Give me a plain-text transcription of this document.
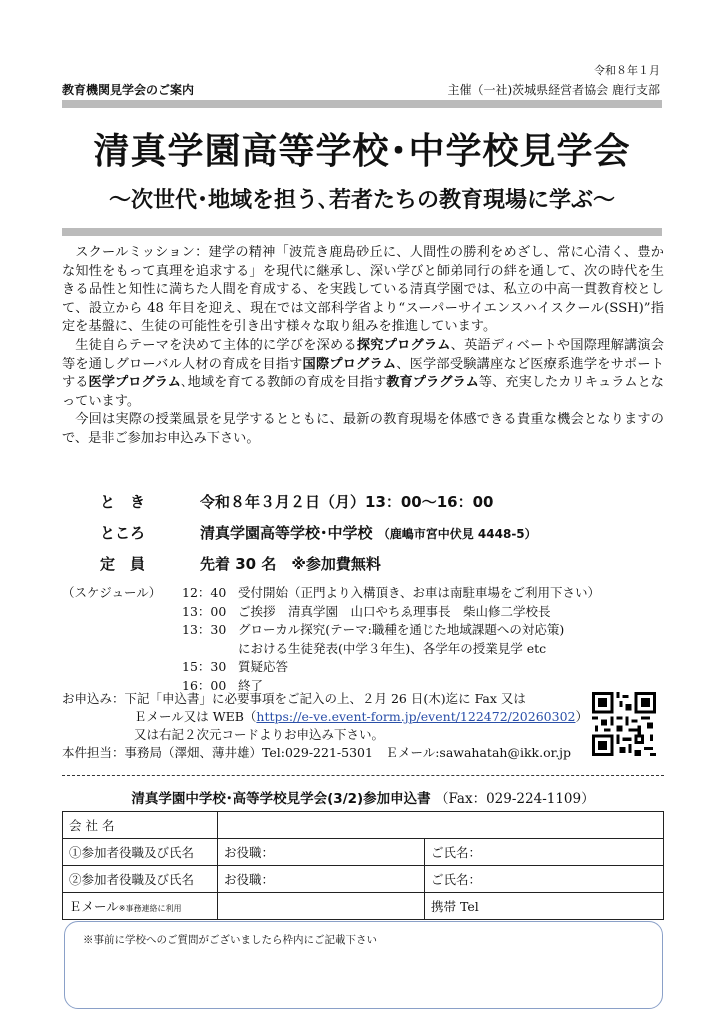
令和８年１月
教育機関見学会のご案内	主催（一社)茨城県経営者協会 鹿行支部
清真学園高等学校･中学校見学会
～次世代･地域を担う､若者たちの教育現場に学ぶ～

スクールミッション：建学の精神「波荒き鹿島砂丘に、人間性の勝利をめざし、常に心清く、豊かな知性をもって真理を追求する」を現代に継承し、深い学びと師弟同行の絆を通して、次の時代を生きる品性と知性に満ちた人間を育成する、を実践している清真学園では、私立の中高一貫教育校として、設立から 48 年目を迎え、現在では文部科学省より“スーパーサイエンスハイスクール(SSH)”指定を基盤に、生徒の可能性を引き出す様々な取り組みを推進しています。

生徒自らテーマを決めて主体的に学びを深める探究プログラム、英語ディベートや国際理解講演会等を通しグローバル人材の育成を目指す国際プログラム、医学部受験講座など医療系進学をサポートする医学プログラム､地域を育てる教師の育成を目指す教育プラグラム等、充実したカリキュラムとなっています。

今回は実際の授業風景を見学するとともに、最新の教育現場を体感できる貴重な機会となりますので、是非ご参加お申込み下さい。

と　き	令和８年３月２日（月）13：00～16：00
ところ	清真学園高等学校･中学校 （鹿嶋市宮中伏見 4448-5）
定　員	先着 30 名　※参加費無料
（スケジュール） 12：40 受付開始（正門より入構頂き、お車は南駐車場をご利用下さい）
13：00 ご挨拶　清真学園　山口やちゑ理事長　柴山修二学校長
13：30 グローカル探究(テーマ:職種を通じた地域課題への対応策)
における生徒発表(中学３年生)、各学年の授業見学 etc
15：30 質疑応答
16：00 終了
お申込み：下記「申込書」に必要事項をご記入の上、２月 26 日(木)迄に Fax 又は
Ｅメール又は WEB（https://e-ve.event-form.jp/event/122472/20260302）
又は右記２次元コードよりお申込み下さい。
本件担当：事務局（澤畑、薄井雄）Tel:029-221-5301　Ｅメール:sawahatah@ikk.or.jp
清真学園中学校･高等学校見学会(3/2)参加申込書 （Fax：029-224-1109）
会 社 名		
①参加者役職及び氏名	お役職：	ご氏名：
②参加者役職及び氏名	お役職：	ご氏名：
Ｅメール※事務連絡に利用		携帯 Tel
※事前に学校へのご質問がございましたら枠内にご記載下さい
